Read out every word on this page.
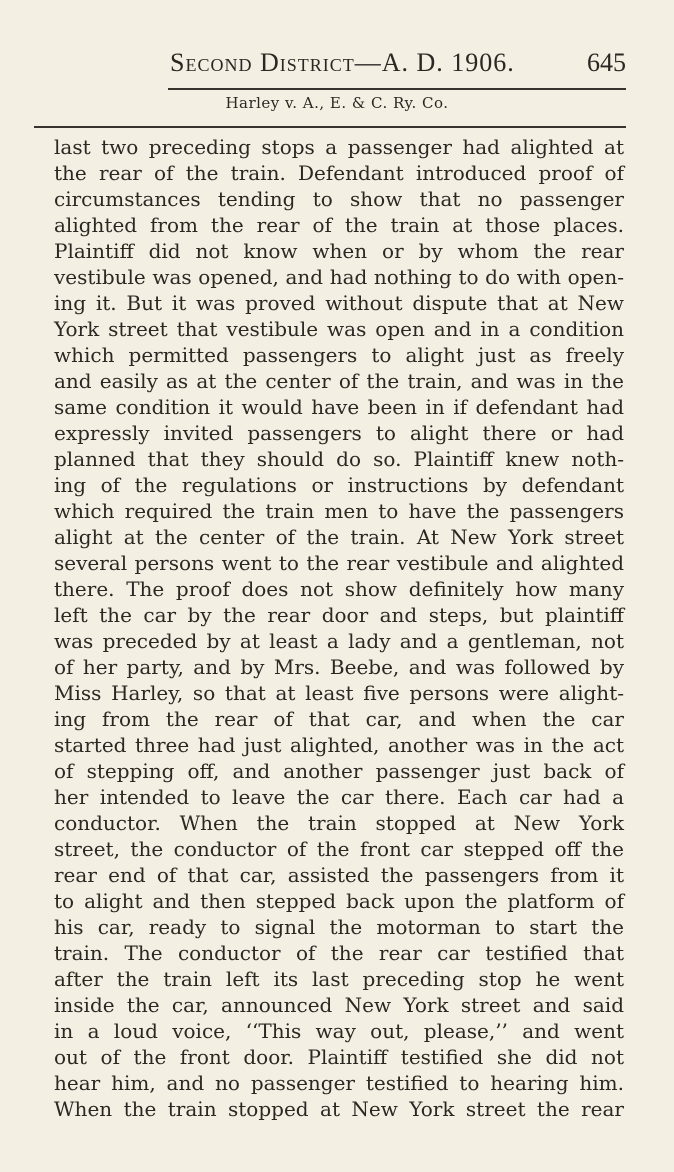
Second District—A. D. 1906.	645
Harley v. A., E. & C. Ry. Co.
last two preceding stops a passenger had alighted at
the rear of the train. Defendant introduced proof of
circumstances tending to show that no passenger
alighted from the rear of the train at those places.
Plaintiff did not know when or by whom the rear
vestibule was opened, and had nothing to do with open-
ing it. But it was proved without dispute that at New
York street that vestibule was open and in a condition
which permitted passengers to alight just as freely
and easily as at the center of the train, and was in the
same condition it would have been in if defendant had
expressly invited passengers to alight there or had
planned that they should do so. Plaintiff knew noth-
ing of the regulations or instructions by defendant
which required the train men to have the passengers
alight at the center of the train. At New York street
several persons went to the rear vestibule and alighted
there. The proof does not show definitely how many
left the car by the rear door and steps, but plaintiff
was preceded by at least a lady and a gentleman, not
of her party, and by Mrs. Beebe, and was followed by
Miss Harley, so that at least five persons were alight-
ing from the rear of that car, and when the car
started three had just alighted, another was in the act
of stepping off, and another passenger just back of
her intended to leave the car there. Each car had a
conductor. When the train stopped at New York
street, the conductor of the front car stepped off the
rear end of that car, assisted the passengers from it
to alight and then stepped back upon the platform of
his car, ready to signal the motorman to start the
train. The conductor of the rear car testified that
after the train left its last preceding stop he went
inside the car, announced New York street and said
in a loud voice, ‘‘This way out, please,’’ and went
out of the front door. Plaintiff testified she did not
hear him, and no passenger testified to hearing him.
When the train stopped at New York street the rear
